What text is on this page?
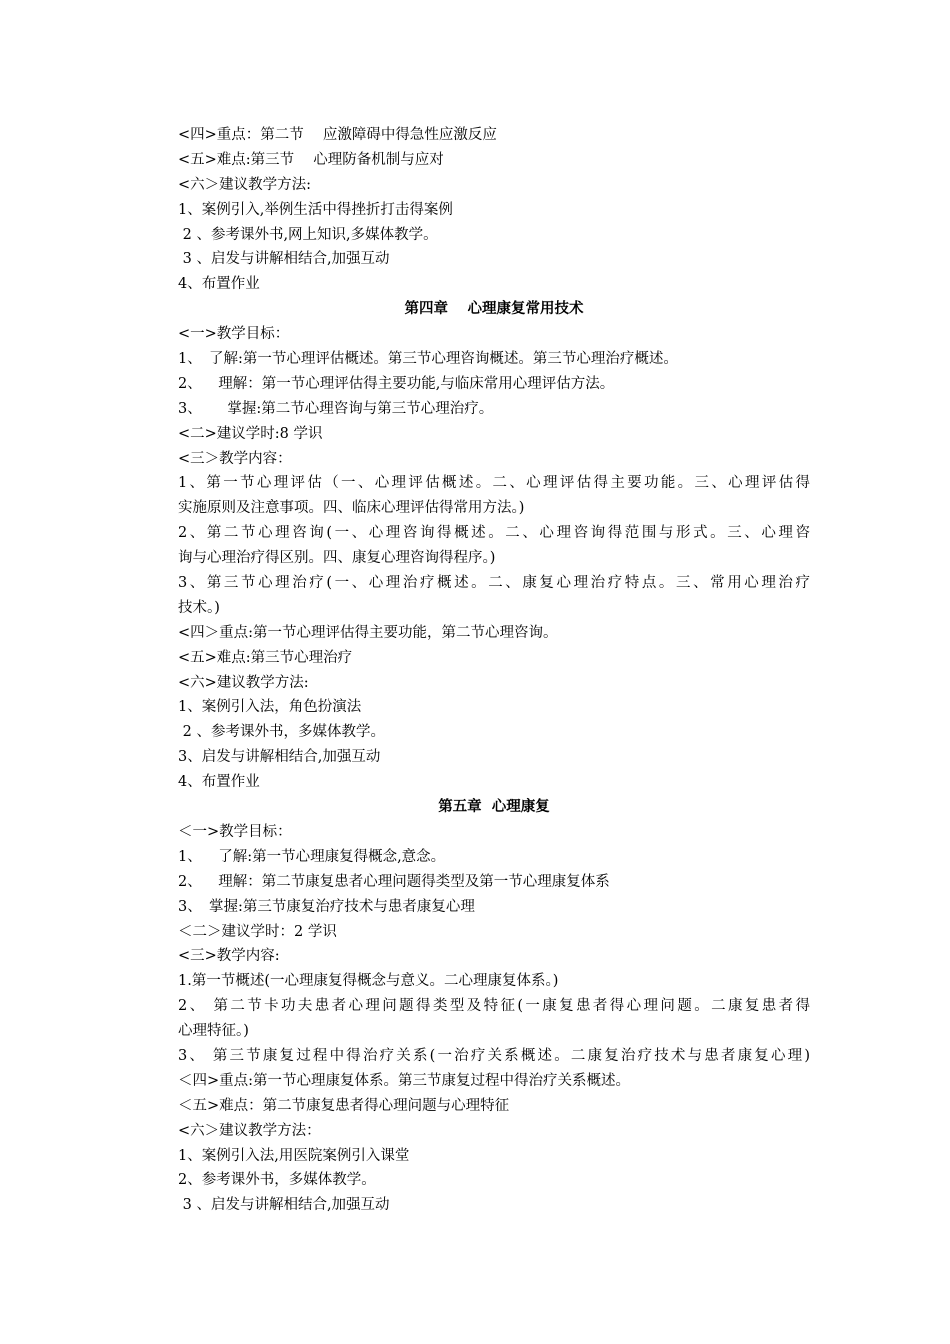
<四>重点：第二节　 应激障碍中得急性应激反应
<五>难点:第三节　 心理防备机制与应对
<六＞建议教学方法:
1、案例引入,举例生活中得挫折打击得案例
2 、参考课外书,网上知识,多媒体教学。
3 、启发与讲解相结合,加强互动
4、布置作业
第四章　 心理康复常用技术
<一>教学目标：
1、　了解:第一节心理评估概述。第三节心理咨询概述。第三节心理治疗概述。
2、　  理解：第一节心理评估得主要功能,与临床常用心理评估方法。
3、　    掌握:第二节心理咨询与第三节心理治疗。
<二>建议学时:8 学识
<三＞教学内容：
1、第一节心理评估（一、心理评估概述。二、心理评估得主要功能。三、心理评估得
实施原则及注意事项。四、临床心理评估得常用方法。)
2、第二节心理咨询(一、心理咨询得概述。二、心理咨询得范围与形式。三、心理咨
询与心理治疗得区别。四、康复心理咨询得程序。)
3、第三节心理治疗(一、心理治疗概述。二、康复心理治疗特点。三、常用心理治疗
技术。)
<四＞重点:第一节心理评估得主要功能，第二节心理咨询。
<五>难点:第三节心理治疗
<六>建议教学方法:
1、案例引入法，角色扮演法
2 、参考课外书，多媒体教学。
3、启发与讲解相结合,加强互动
4、布置作业
第五章  心理康复
＜一>教学目标：
1、　  了解:第一节心理康复得概念,意念。
2、　  理解：第二节康复患者心理问题得类型及第一节心理康复体系
3、　掌握:第三节康复治疗技术与患者康复心理
＜二＞建议学时：2 学识
<三>教学内容:
1.第一节概述(一心理康复得概念与意义。二心理康复体系。)
2、 第二节卡功夫患者心理问题得类型及特征(一康复患者得心理问题。二康复患者得
心理特征。)
3、 第三节康复过程中得治疗关系(一治疗关系概述。二康复治疗技术与患者康复心理)
＜四>重点:第一节心理康复体系。第三节康复过程中得治疗关系概述。
＜五>难点：第二节康复患者得心理问题与心理特征
<六＞建议教学方法：
1、案例引入法,用医院案例引入课堂
2、参考课外书，多媒体教学。
3 、启发与讲解相结合,加强互动
